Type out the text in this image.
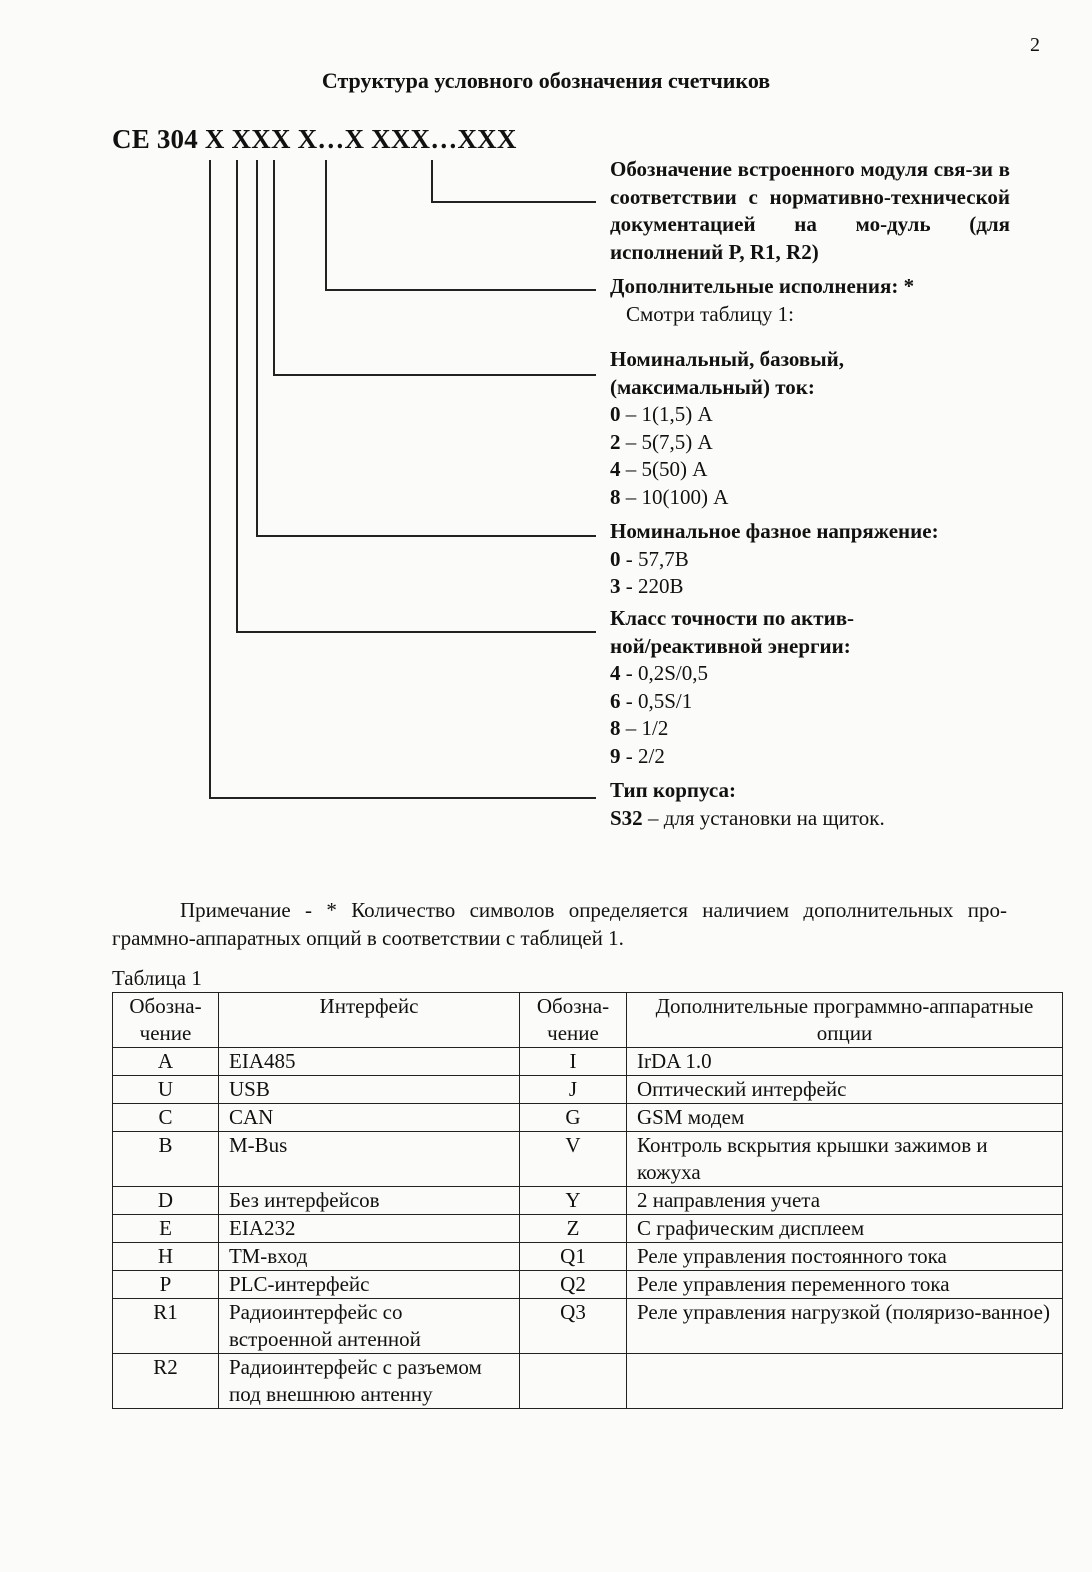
2
Структура условного обозначения счетчиков
CE 304 X XXX X…X XXX…XXX
Обозначение встроенного модуля свя-зи в соответствии с нормативно-технической документацией на мо-дуль (для исполнений P, R1, R2)
Дополнительные исполнения: *
Смотри таблицу 1:
Номинальный, базовый,
(максимальный) ток:
0 – 1(1,5) А
2 – 5(7,5) А
4 – 5(50) А
8 – 10(100) А
Номинальное фазное напряжение:
0 - 57,7В
3 - 220В
Класс точности по актив-
ной/реактивной энергии:
4 - 0,2S/0,5
6 - 0,5S/1
8 – 1/2
9 - 2/2
Тип корпуса:
S32 – для установки на щиток.
Примечание - * Количество символов определяется наличием дополнительных про-граммно-аппаратных опций в соответствии с таблицей 1.
Таблица 1
Обозна-чение	Интерфейс	Обозна-чение	Дополнительные программно-аппаратные опции
A	EIA485	I	IrDA 1.0
U	USB	J	Оптический интерфейс
C	CAN	G	GSM модем
B	M-Bus	V	Контроль вскрытия крышки зажимов и кожуха
D	Без интерфейсов	Y	2 направления учета
E	EIA232	Z	С графическим дисплеем
H	ТМ-вход	Q1	Реле управления постоянного тока
P	PLC-интерфейс	Q2	Реле управления переменного тока
R1	Радиоинтерфейс со встроенной антенной	Q3	Реле управления нагрузкой (поляризо-ванное)
R2	Радиоинтерфейс с разъемом под внешнюю антенну		
